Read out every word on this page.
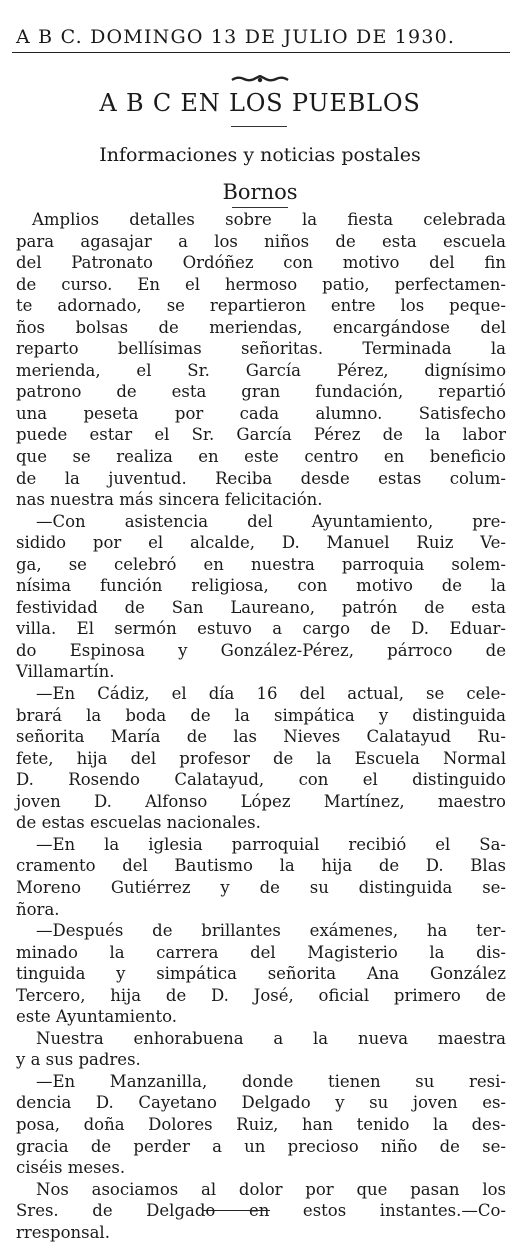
A B C. DOMINGO 13 DE JULIO DE 1930.
A B C EN LOS PUEBLOS
Informaciones y noticias postales
Bornos
Amplios detalles sobre la fiesta celebrada
para agasajar a los niños de esta escuela
del Patronato Ordóñez con motivo del fin
de curso. En el hermoso patio, perfectamen-
te adornado, se repartieron entre los peque-
ños bolsas de meriendas, encargándose del
reparto bellísimas señoritas. Terminada la
merienda, el Sr. García Pérez, dignísimo
patrono de esta gran fundación, repartió
una peseta por cada alumno. Satisfecho
puede estar el Sr. García Pérez de la labor
que se realiza en este centro en beneficio
de la juventud. Reciba desde estas colum-
nas nuestra más sincera felicitación.
—Con asistencia del Ayuntamiento, pre-
sidido por el alcalde, D. Manuel Ruiz Ve-
ga, se celebró en nuestra parroquia solem-
nísima función religiosa, con motivo de la
festividad de San Laureano, patrón de esta
villa. El sermón estuvo a cargo de D. Eduar-
do Espinosa y González-Pérez, párroco de
Villamartín.
—En Cádiz, el día 16 del actual, se cele-
brará la boda de la simpática y distinguida
señorita María de las Nieves Calatayud Ru-
fete, hija del profesor de la Escuela Normal
D. Rosendo Calatayud, con el distinguido
joven D. Alfonso López Martínez, maestro
de estas escuelas nacionales.
—En la iglesia parroquial recibió el Sa-
cramento del Bautismo la hija de D. Blas
Moreno Gutiérrez y de su distinguida se-
ñora.
—Después de brillantes exámenes, ha ter-
minado la carrera del Magisterio la dis-
tinguida y simpática señorita Ana González
Tercero, hija de D. José, oficial primero de
este Ayuntamiento.
Nuestra enhorabuena a la nueva maestra
y a sus padres.
—En Manzanilla, donde tienen su resi-
dencia D. Cayetano Delgado y su joven es-
posa, doña Dolores Ruiz, han tenido la des-
gracia de perder a un precioso niño de se-
ciséis meses.
Nos asociamos al dolor por que pasan los
Sres. de Delgado en estos instantes.—Co-
rresponsal.
